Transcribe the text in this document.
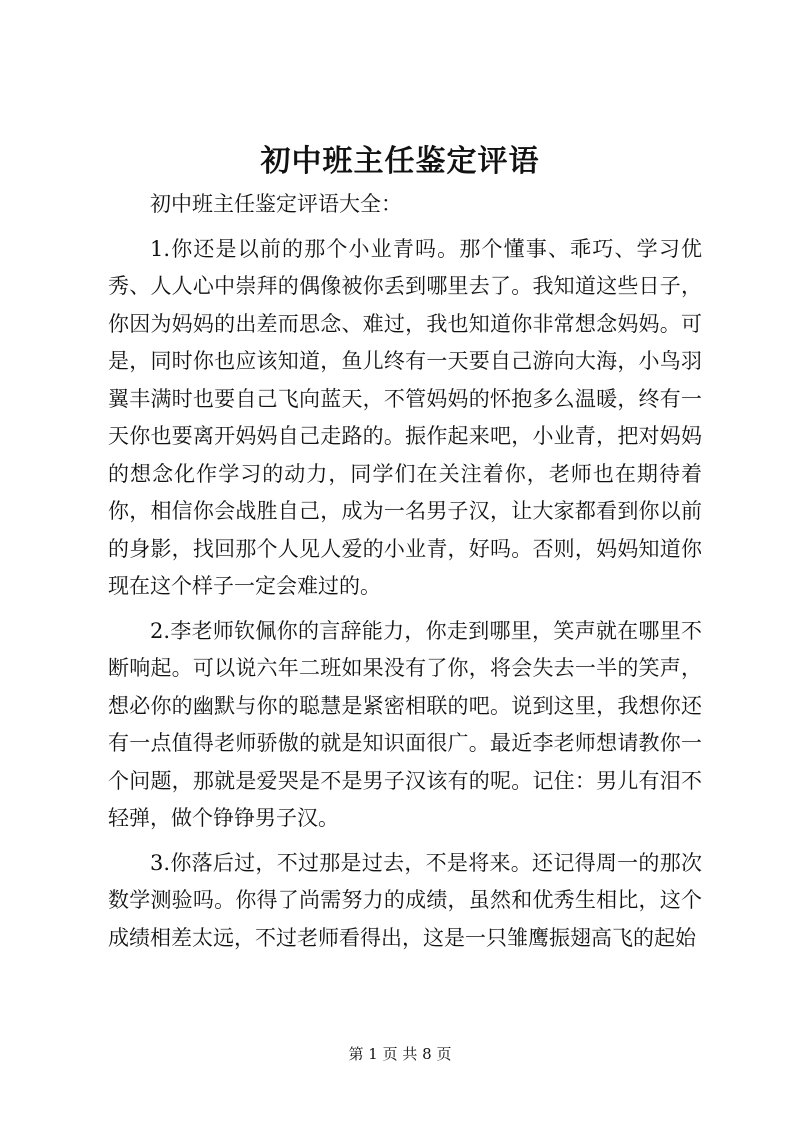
初中班主任鉴定评语

初中班主任鉴定评语大全：

1.你还是以前的那个小业青吗。那个懂事、乖巧、学习优秀、人人心中崇拜的偶像被你丢到哪里去了。我知道这些日子，你因为妈妈的出差而思念、难过，我也知道你非常想念妈妈。可是，同时你也应该知道，鱼儿终有一天要自己游向大海，小鸟羽翼丰满时也要自己飞向蓝天，不管妈妈的怀抱多么温暖，终有一天你也要离开妈妈自己走路的。振作起来吧，小业青，把对妈妈的想念化作学习的动力，同学们在关注着你，老师也在期待着你，相信你会战胜自己，成为一名男子汉，让大家都看到你以前的身影，找回那个人见人爱的小业青，好吗。否则，妈妈知道你现在这个样子一定会难过的。

2.李老师钦佩你的言辞能力，你走到哪里，笑声就在哪里不断响起。可以说六年二班如果没有了你，将会失去一半的笑声，想必你的幽默与你的聪慧是紧密相联的吧。说到这里，我想你还有一点值得老师骄傲的就是知识面很广。最近李老师想请教你一个问题，那就是爱哭是不是男子汉该有的呢。记住：男儿有泪不轻弹，做个铮铮男子汉。

3.你落后过，不过那是过去，不是将来。还记得周一的那次数学测验吗。你得了尚需努力的成绩，虽然和优秀生相比，这个成绩相差太远，不过老师看得出，这是一只雏鹰振翅高飞的起始

第 1 页 共 8 页
